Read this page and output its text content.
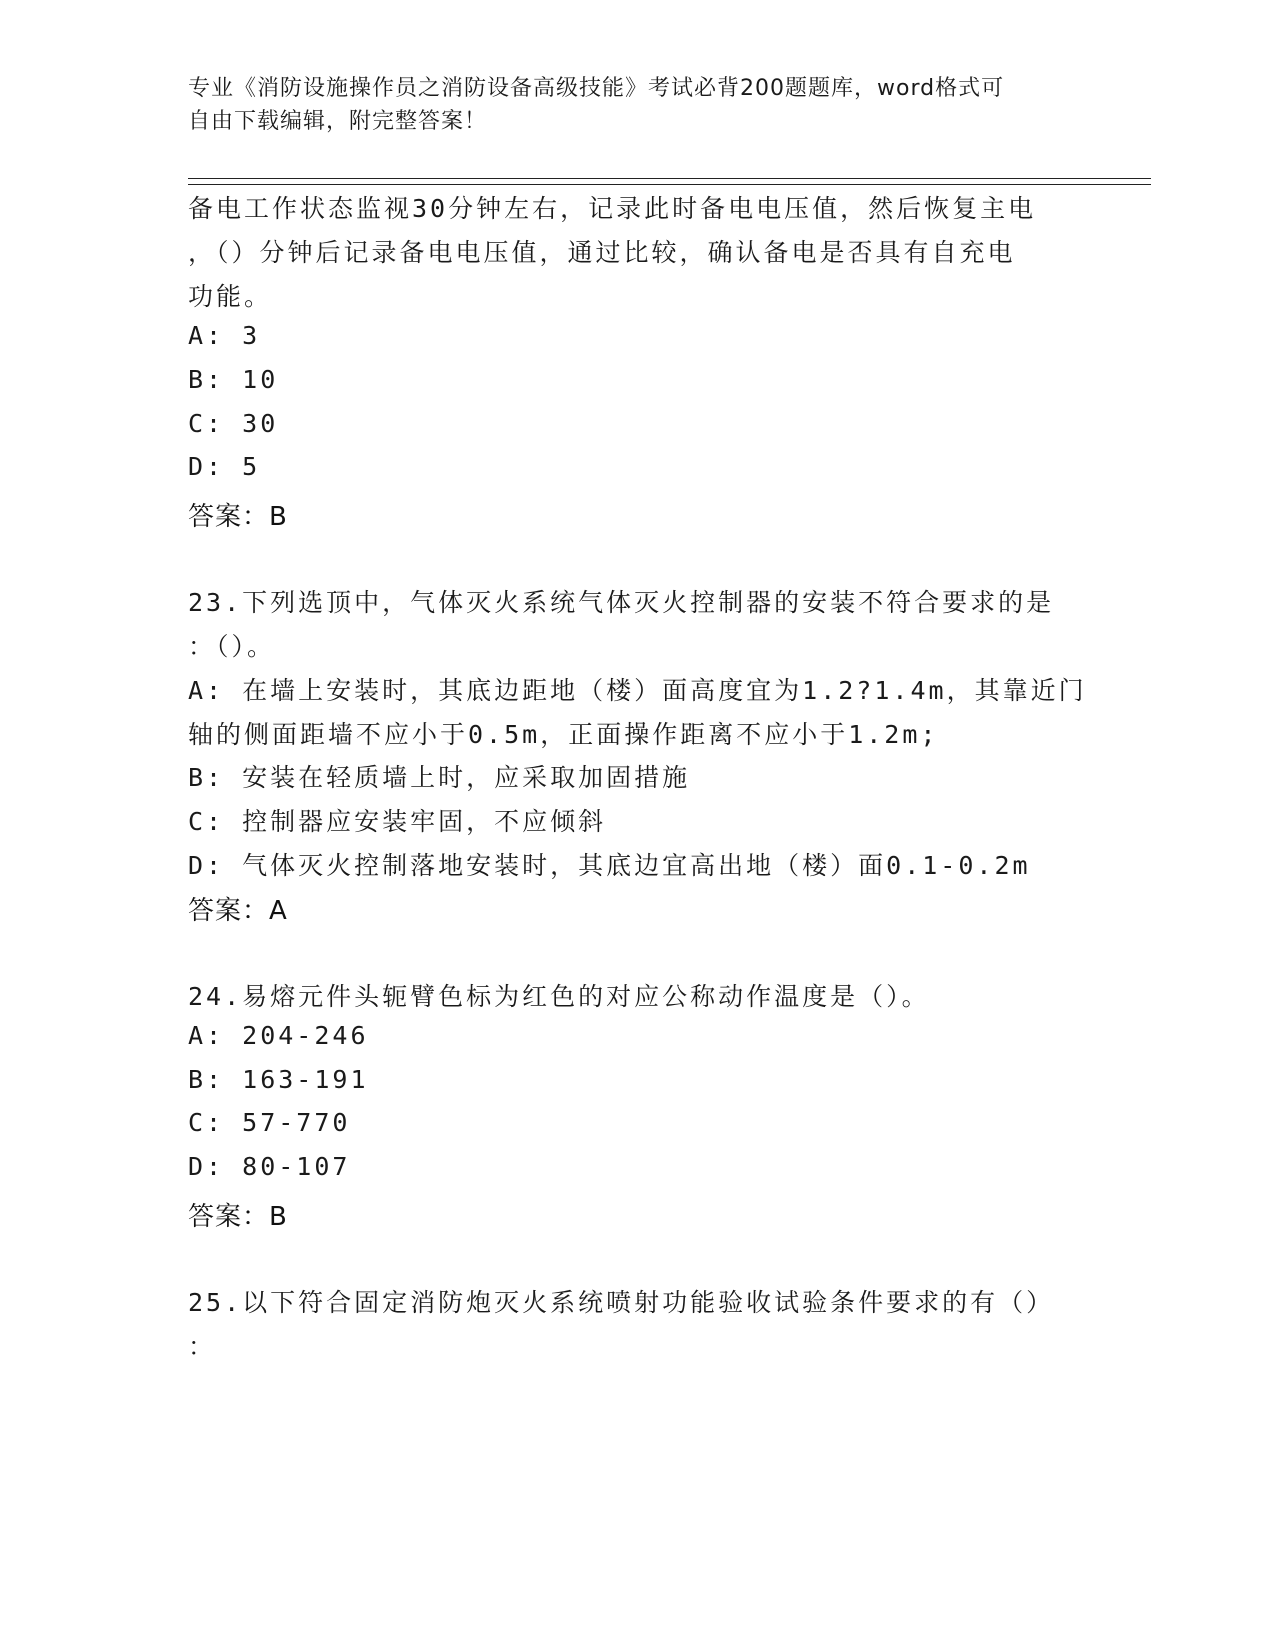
专业《消防设施操作员之消防设备高级技能》考试必背200题题库，word格式可
自由下载编辑，附完整答案！
备电工作状态监视30分钟左右，记录此时备电电压值，然后恢复主电
，（）分钟后记录备电电压值，通过比较，确认备电是否具有自充电
功能。
A: 3
B: 10
C: 30
D: 5
答案：B
23.下列选顶中，气体灭火系统气体灭火控制器的安装不符合要求的是
：（）。
A: 在墙上安装时，其底边距地（楼）面高度宜为1.2?1.4m，其靠近门
轴的侧面距墙不应小于0.5m，正面操作距离不应小于1.2m;
B: 安装在轻质墙上时，应采取加固措施
C: 控制器应安装牢固，不应倾斜
D: 气体灭火控制落地安装时，其底边宜高出地（楼）面0.1-0.2m
答案：A
24.易熔元件头轭臂色标为红色的对应公称动作温度是（）。
A: 204-246
B: 163-191
C: 57-770
D: 80-107
答案：B
25.以下符合固定消防炮灭火系统喷射功能验收试验条件要求的有（）
：
